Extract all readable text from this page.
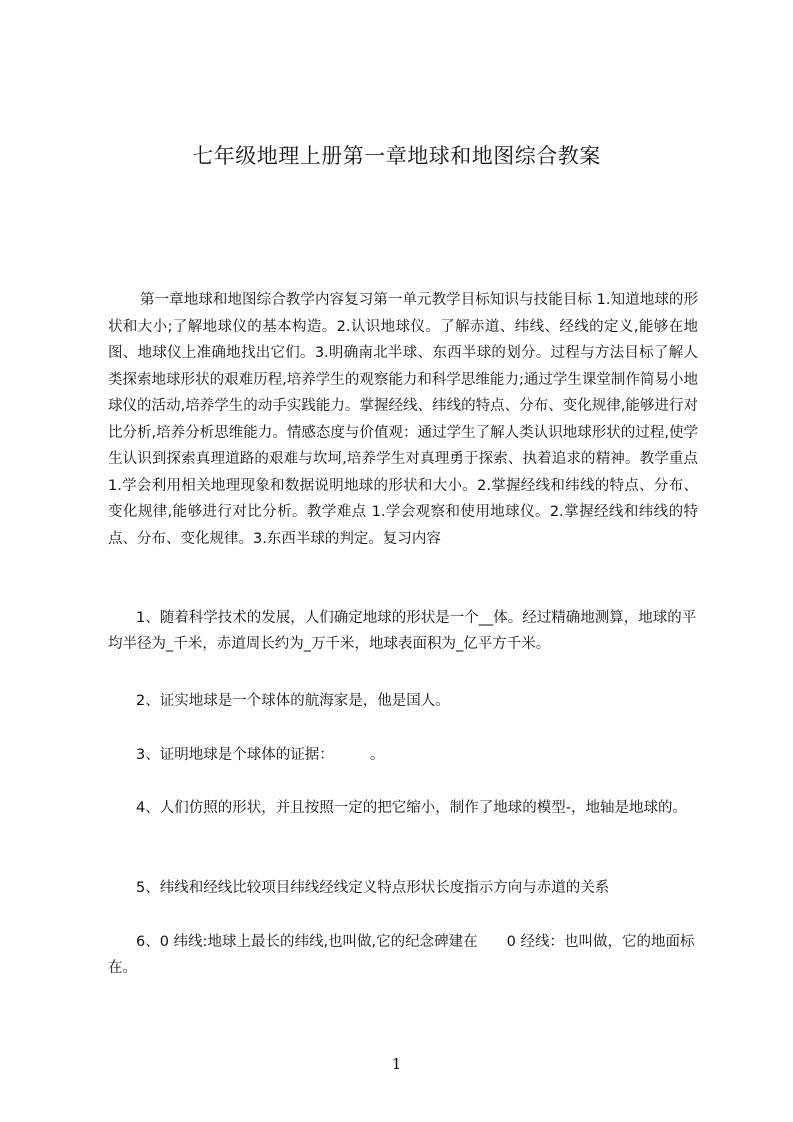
七年级地理上册第一章地球和地图综合教案

第一章地球和地图综合教学内容复习第一单元教学目标知识与技能目标 1.知道地球的形状和大小;了解地球仪的基本构造。2.认识地球仪。了解赤道、纬线、经线的定义,能够在地图、地球仪上准确地找出它们。3.明确南北半球、东西半球的划分。过程与方法目标了解人类探索地球形状的艰难历程,培养学生的观察能力和科学思维能力;通过学生课堂制作简易小地球仪的活动,培养学生的动手实践能力。掌握经线、纬线的特点、分布、变化规律,能够进行对比分析,培养分析思维能力。情感态度与价值观：通过学生了解人类认识地球形状的过程,使学生认识到探索真理道路的艰难与坎坷,培养学生对真理勇于探索、执着追求的精神。教学重点 1.学会利用相关地理现象和数据说明地球的形状和大小。2.掌握经线和纬线的特点、分布、变化规律,能够进行对比分析。教学难点 1.学会观察和使用地球仪。2.掌握经线和纬线的特点、分布、变化规律。3.东西半球的判定。复习内容

1、随着科学技术的发展，人们确定地球的形状是一个__体。经过精确地测算，地球的平均半径为_千米，赤道周长约为_万千米，地球表面积为_亿平方千米。

2、证实地球是一个球体的航海家是，他是国人。

3、证明地球是个球体的证据：　　　。

4、人们仿照的形状，并且按照一定的把它缩小，制作了地球的模型-，地轴是地球的。

5、纬线和经线比较项目纬线经线定义特点形状长度指示方向与赤道的关系

6、0 纬线:地球上最长的纬线,也叫做,它的纪念碑建在　　0 经线：也叫做，它的地面标在。

1
